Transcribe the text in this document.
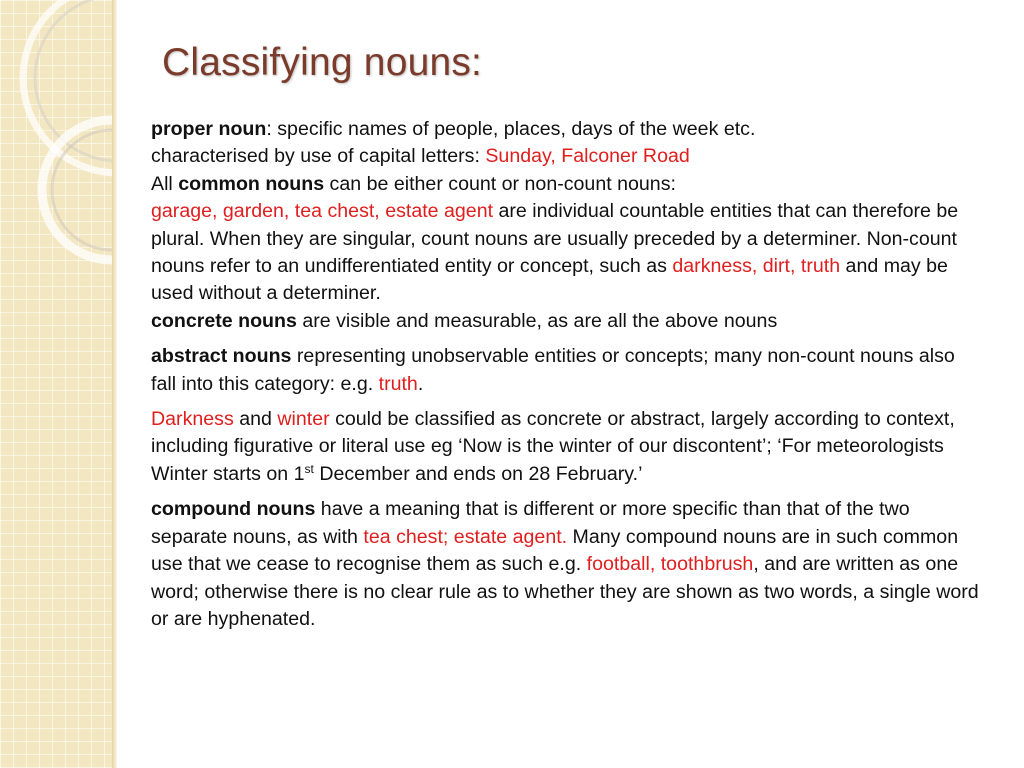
Classifying nouns:

proper noun: specific names of people, places, days of the week etc.
characterised by use of capital letters: Sunday, Falconer Road
All common nouns can be either count or non-count nouns:
garage, garden, tea chest, estate agent are individual countable entities that can therefore be plural. When they are singular, count nouns are usually preceded by a determiner. Non-count nouns refer to an undifferentiated entity or concept, such as darkness, dirt, truth and may be used without a determiner.
concrete nouns are visible and measurable, as are all the above nouns

abstract nouns representing unobservable entities or concepts; many non-count nouns also fall into this category: e.g. truth.

Darkness and winter could be classified as concrete or abstract, largely according to context, including figurative or literal use eg ‘Now is the winter of our discontent’; ‘For meteorologists Winter starts on 1st December and ends on 28 February.’

compound nouns have a meaning that is different or more specific than that of the two separate nouns, as with tea chest; estate agent. Many compound nouns are in such common use that we cease to recognise them as such e.g. football, toothbrush, and are written as one word; otherwise there is no clear rule as to whether they are shown as two words, a single word or are hyphenated.
